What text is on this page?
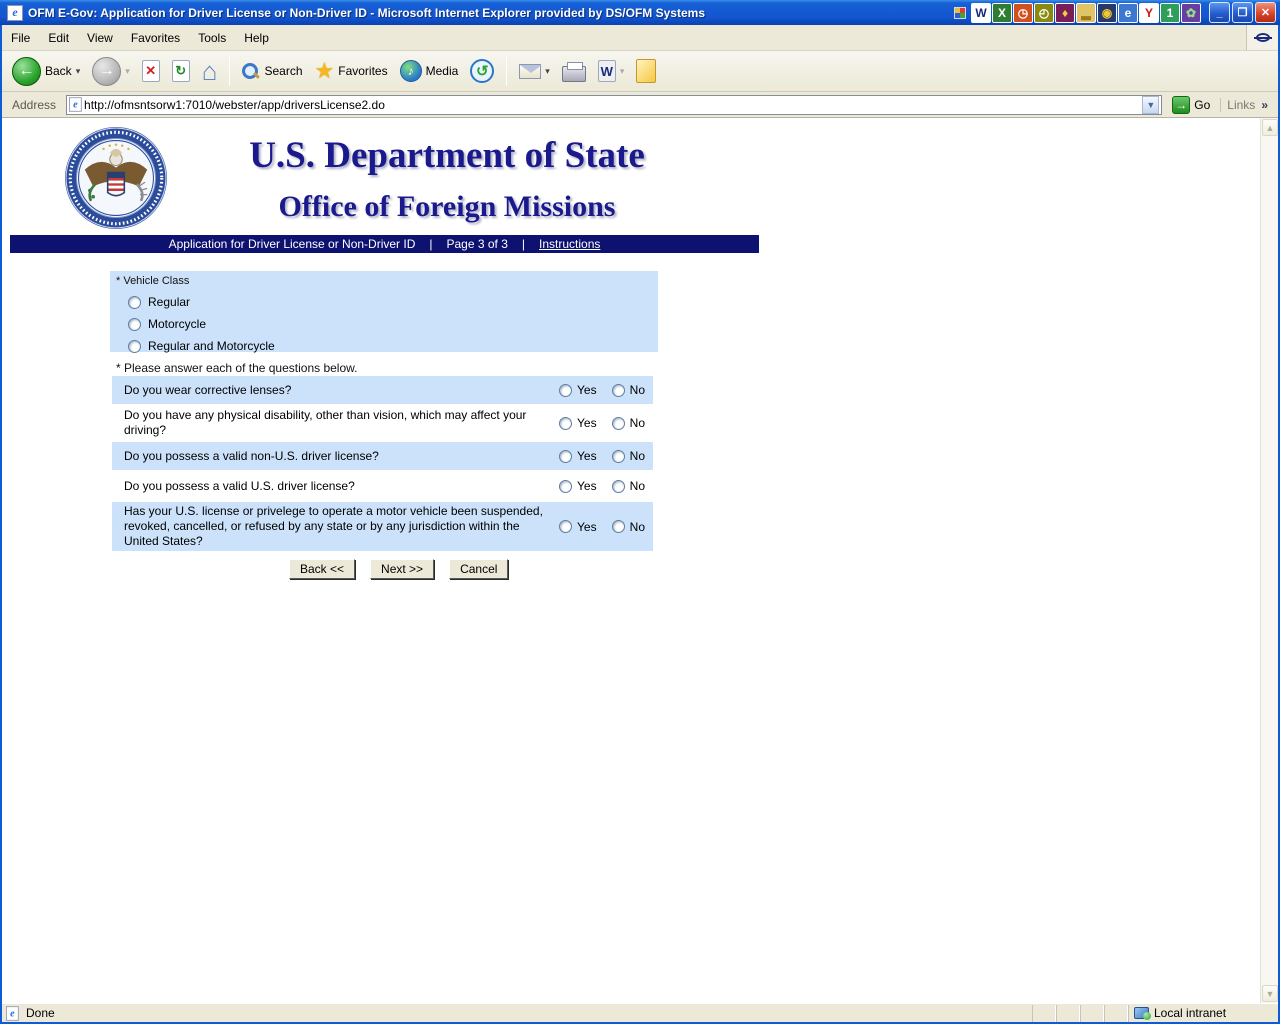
e OFM E-Gov: Application for Driver License or Non-Driver ID - Microsoft Internet Explorer provided by DS/OFM Systems	W X ◷ ◴	♦	▂ ◉	e	Y	1	✿	_	❐	✕
File	Edit	View	Favorites	Tools	Help
← Back ▾	→	▾ ✕ ↻ ⌂	Search ★ Favorites	♪	Media	↺	▾	W ▾
Address	e
http://ofmsntsorw1:7010/webster/app/driversLicense2.do	▼	→ Go Links »
U.S. Department of State
Office of Foreign Missions
Application for Driver License or Non-Driver ID | Page 3 of 3 | Instructions
* Vehicle Class
Regular
Motorcycle
Regular and Motorcycle
* Please answer each of the questions below.
Do you wear corrective lenses?	Yes	No
Do you have any physical disability, other than vision, which may affect your driving?	Yes	No
Do you possess a valid non-U.S. driver license?	Yes	No
Do you possess a valid U.S. driver license?	Yes	No
Has your U.S. license or privelege to operate a motor vehicle been suspended, revoked, cancelled, or refused by any state or by any jurisdiction within the United States?
Yes	No
Back <<	Next >>	Cancel
▲
▼
e Done	Local intranet
